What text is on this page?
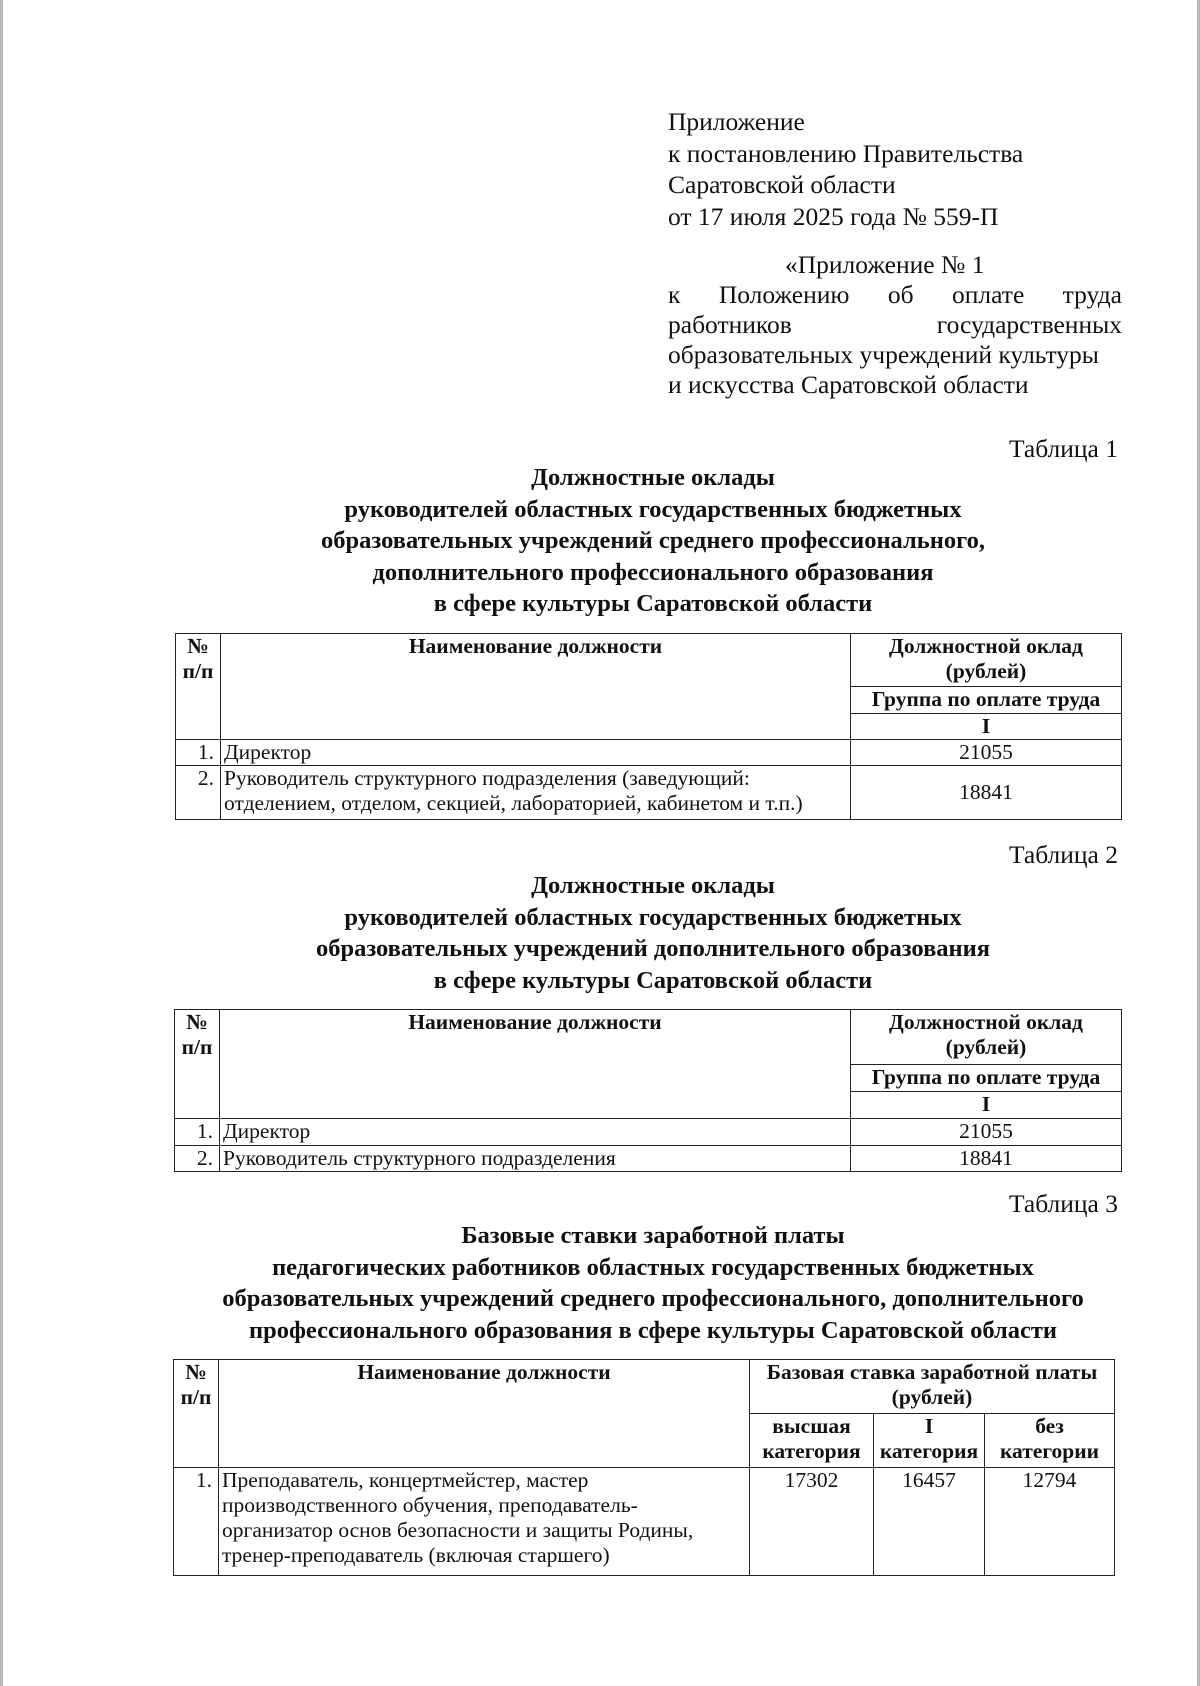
Приложение
к постановлению Правительства
Саратовской области
от 17 июля 2025 года № 559-П
«Приложение № 1
к Положению об оплате труда
работников государственных
образовательных учреждений культуры
и искусства Саратовской области
Таблица 1
Должностные оклады
руководителей областных государственных бюджетных
образовательных учреждений среднего профессионального,
дополнительного профессионального образования
в сфере культуры Саратовской области
№ п/п	Наименование должности	Должностной оклад (рублей)
		Группа по оплате труда
		I
1.	Директор	21055
2.	Руководитель структурного подразделения (заведующий: отделением, отделом, секцией, лабораторией, кабинетом и т.п.)	18841
Таблица 2
Должностные оклады
руководителей областных государственных бюджетных
образовательных учреждений дополнительного образования
в сфере культуры Саратовской области
№ п/п	Наименование должности	Должностной оклад (рублей)
		Группа по оплате труда
		I
1.	Директор	21055
2.	Руководитель структурного подразделения	18841
Таблица 3
Базовые ставки заработной платы
педагогических работников областных государственных бюджетных
образовательных учреждений среднего профессионального, дополнительного
профессионального образования в сфере культуры Саратовской области
№ п/п	Наименование должности	Базовая ставка заработной платы (рублей)		
		высшая категория	I категория	без категории
1.	Преподаватель, концертмейстер, мастер производственного обучения, преподаватель-организатор основ безопасности и защиты Родины, тренер-преподаватель (включая старшего)	17302	16457	12794
